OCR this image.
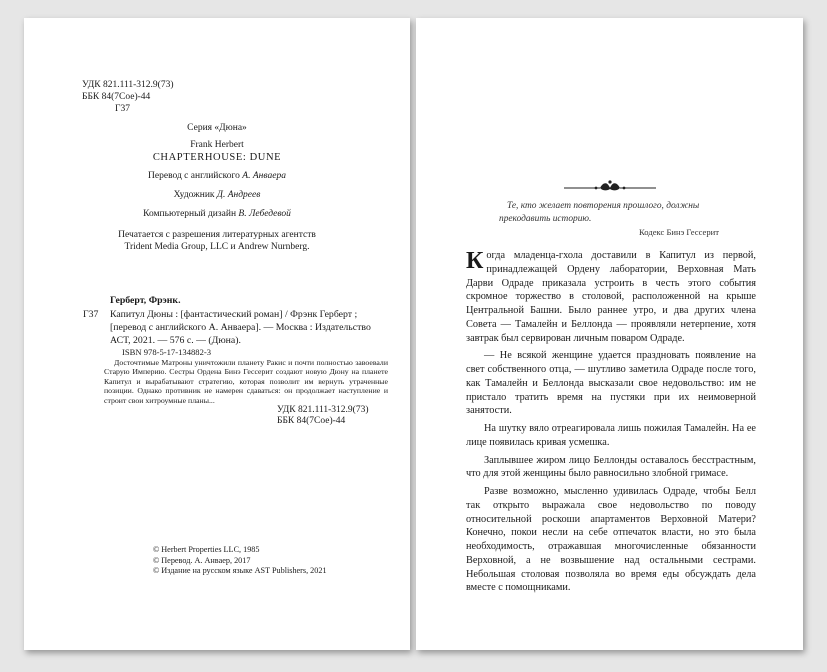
УДК 821.111-312.9(73)
ББК 84(7Сое)-44
Г37
Серия «Дюна»
Frank Herbert
CHAPTERHOUSE: DUNE
Перевод с английского А. Анвaера
Художник Д. Андреев
Компьютерный дизайн В. Лебедевой
Печатается с разрешения литературных агентств
Trident Media Group, LLC и Andrew Nurnberg.
Герберт, Фрэнк.
Г37 Капитул Дюны : [фантастический роман] / Фрэнк Герберт ; [перевод с английского А. Анваера]. — Москва : Издательство АСТ, 2021. — 576 с. — (Дюна).
ISBN 978-5-17-134882-3
Досточтимые Матроны уничтожили планету Ракис и почти полностью завоевали Старую Империю. Сестры Ордена Бинэ Гессерит создают новую Дюну на планете Капитул и вырабатывают стратегию, которая позволит им вернуть утраченные позиции. Однако противник не намерен сдаваться: он продолжает наступление и строит свои хитроумные планы...
УДК 821.111-312.9(73)
ББК 84(7Сое)-44
© Herbert Properties LLC, 1985
© Перевод. А. Анвaер, 2017
© Издание на русском языке AST Publishers, 2021
Те, кто желает повторения прошлого, должны прекодавить историю.
Кодекс Бинэ Гессерит

Когда младенца-гхола доставили в Капитул из первой, принадлежащей Ордену лаборатории, Верховная Мать Дарви Одраде приказала устроить в честь этого события скромное торжество в столовой, расположенной на крыше Центральной Башни. Было раннее утро, и два других члена Совета — Тамалейн и Беллонда — проявляли нетерпение, хотя завтрак был сервирован личным поваром Одраде.

— Не всякой женщине удается праздновать появление на свет собственного отца, — шутливо заметила Одраде после того, как Тамалейн и Беллонда высказали свое недовольство: им не пристало тратить время на пустяки при их неимоверной занятости.

На шутку вяло отреагировала лишь пожилая Тамалейн. На ее лице появилась кривая усмешка.

Заплывшее жиром лицо Беллонды оставалось бесстрастным, что для этой женщины было равносильно злобной гримасе.

Разве возможно, мысленно удивилась Одраде, чтобы Белл так открыто выражала свое недовольство по поводу относительной роскоши апартаментов Верховной Матери? Конечно, покои несли на себе отпечаток власти, но это была необходимость, отражавшая многочисленные обязанности Верховной, а не возвышение над остальными сестрами. Небольшая столовая позволяла во время еды обсуждать дела вместе с помощниками.
